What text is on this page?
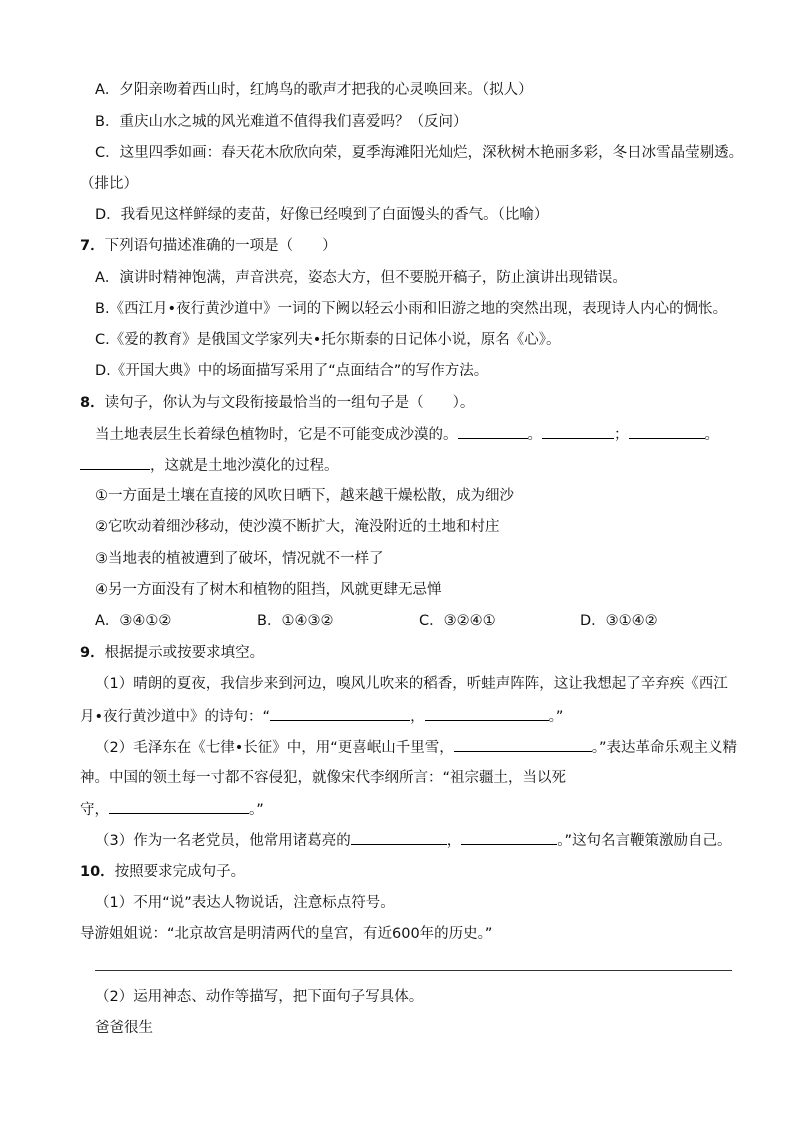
A．夕阳亲吻着西山时，红鸠鸟的歌声才把我的心灵唤回来。（拟人）
B．重庆山水之城的风光难道不值得我们喜爱吗？（反问）
C．这里四季如画：春天花木欣欣向荣，夏季海滩阳光灿烂，深秋树木艳丽多彩，冬日冰雪晶莹剔透。
（排比）
D．我看见这样鲜绿的麦苗，好像已经嗅到了白面馒头的香气。（比喻）
7．下列语句描述准确的一项是（　　）
A．演讲时精神饱满，声音洪亮，姿态大方，但不要脱开稿子，防止演讲出现错误。
B.《西江月•夜行黄沙道中》一词的下阙以轻云小雨和旧游之地的突然出现，表现诗人内心的惆怅。
C.《爱的教育》是俄国文学家列夫•托尔斯泰的日记体小说，原名《心》。
D.《开国大典》中的场面描写采用了“点面结合”的写作方法。
8．读句子，你认为与文段衔接最恰当的一组句子是（　　）。
当土地表层生长着绿色植物时，它是不可能变成沙漠的。	。	；	。
，这就是土地沙漠化的过程。
①一方面是土壤在直接的风吹日晒下，越来越干燥松散，成为细沙
②它吹动着细沙移动，使沙漠不断扩大，淹没附近的土地和村庄
③当地表的植被遭到了破坏，情况就不一样了
④另一方面没有了树木和植物的阻挡，风就更肆无忌惮
A．③④①②	B．①④③②	C．③②④①	D．③①④②
9．根据提示或按要求填空。
（1）晴朗的夏夜，我信步来到河边，嗅风儿吹来的稻香，听蛙声阵阵，这让我想起了辛弃疾《西江
月•夜行黄沙道中》的诗句：“	，	。”
（2）毛泽东在《七律•长征》中，用“更喜岷山千里雪，	。”表达革命乐观主义精
神。中国的领土每一寸都不容侵犯，就像宋代李纲所言：“祖宗疆土，当以死
守，	。”
（3）作为一名老党员，他常用诸葛亮的	，	。”这句名言鞭策激励自己。
10．按照要求完成句子。
（1）不用“说”表达人物说话，注意标点符号。
导游姐姐说：“北京故宫是明清两代的皇宫，有近600年的历史。”
（2）运用神态、动作等描写，把下面句子写具体。
爸爸很生
